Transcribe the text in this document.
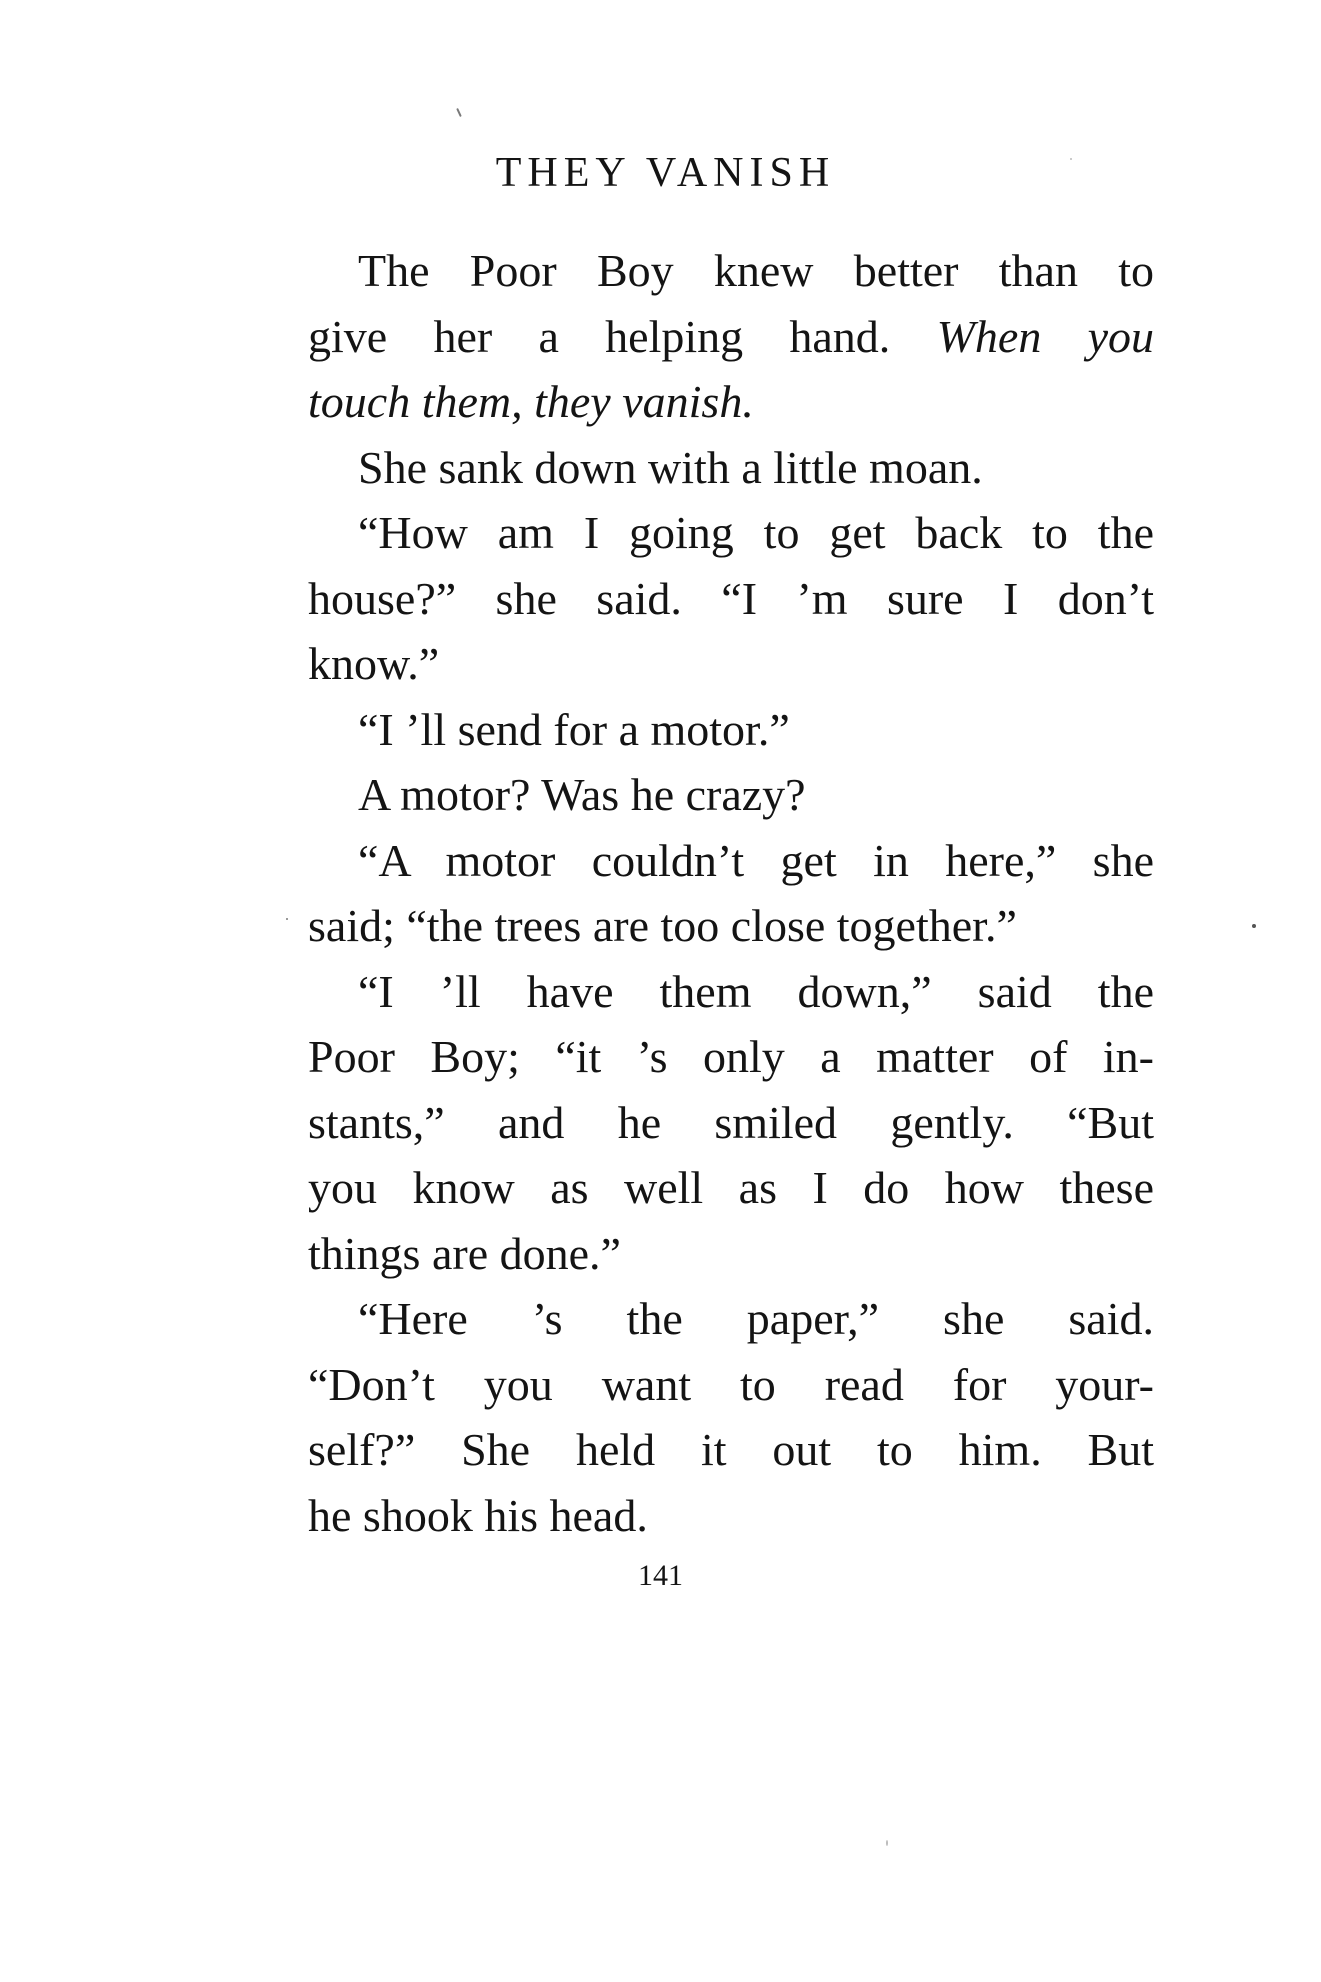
THEY VANISH
The Poor Boy knew better than to
give her a helping hand. When you
touch them, they vanish.
She sank down with a little moan.
“How am I going to get back to the
house?” she said. “I ’m sure I don’t
know.”
“I ’ll send for a motor.”
A motor? Was he crazy?
“A motor couldn’t get in here,” she
said; “the trees are too close together.”
“I ’ll have them down,” said the
Poor Boy; “it ’s only a matter of in-
stants,” and he smiled gently. “But
you know as well as I do how these
things are done.”
“Here ’s the paper,” she said.
“Don’t you want to read for your-
self?” She held it out to him. But
he shook his head.
141
